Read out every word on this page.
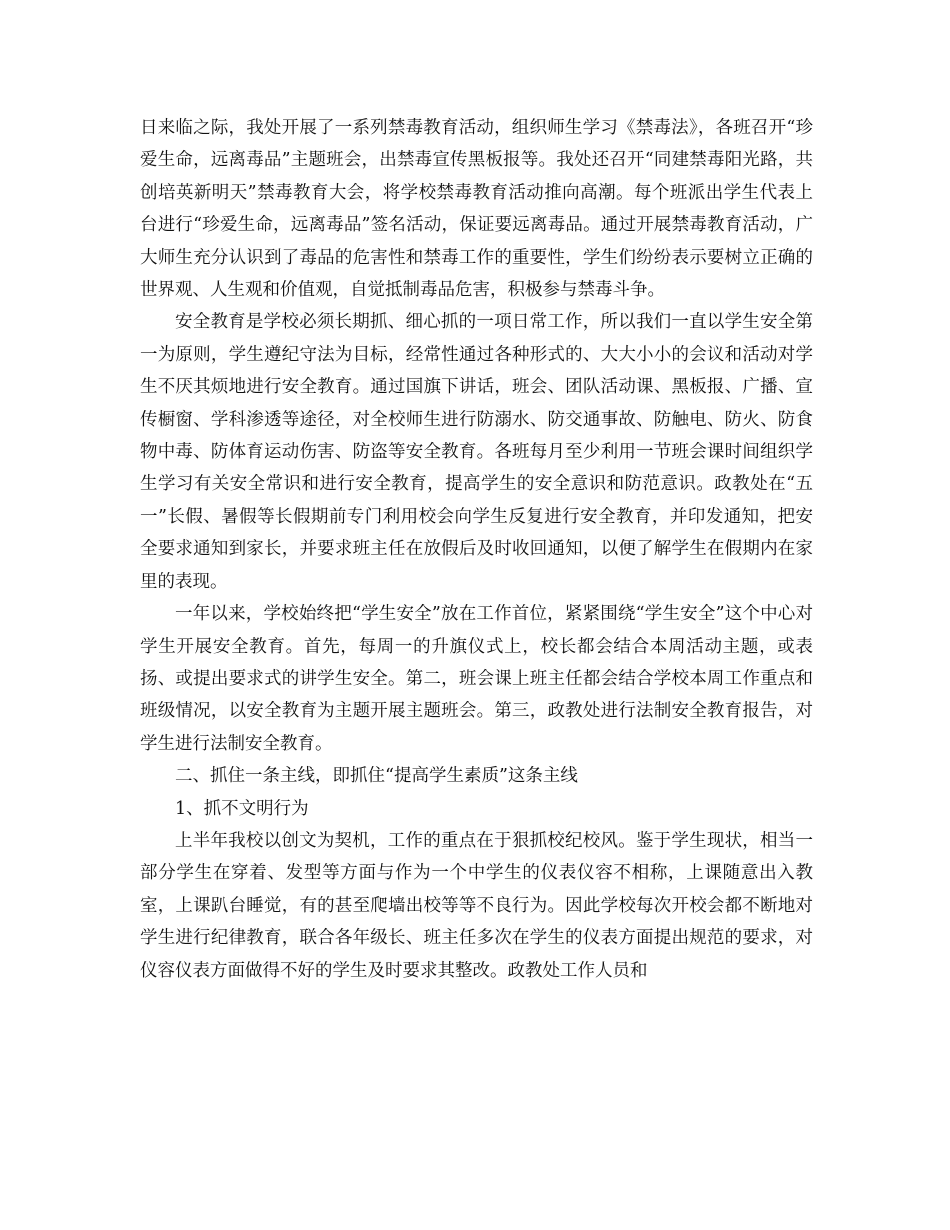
日来临之际，我处开展了一系列禁毒教育活动，组织师生学习《禁毒法》，各班召开“珍爱生命，远离毒品”主题班会，出禁毒宣传黑板报等。我处还召开“同建禁毒阳光路，共创培英新明天”禁毒教育大会，将学校禁毒教育活动推向高潮。每个班派出学生代表上台进行“珍爱生命，远离毒品”签名活动，保证要远离毒品。通过开展禁毒教育活动，广大师生充分认识到了毒品的危害性和禁毒工作的重要性，学生们纷纷表示要树立正确的世界观、人生观和价值观，自觉抵制毒品危害，积极参与禁毒斗争。

安全教育是学校必须长期抓、细心抓的一项日常工作，所以我们一直以学生安全第一为原则，学生遵纪守法为目标，经常性通过各种形式的、大大小小的会议和活动对学生不厌其烦地进行安全教育。通过国旗下讲话，班会、团队活动课、黑板报、广播、宣传橱窗、学科渗透等途径，对全校师生进行防溺水、防交通事故、防触电、防火、防食物中毒、防体育运动伤害、防盗等安全教育。各班每月至少利用一节班会课时间组织学生学习有关安全常识和进行安全教育，提高学生的安全意识和防范意识。政教处在“五一”长假、暑假等长假期前专门利用校会向学生反复进行安全教育，并印发通知，把安全要求通知到家长，并要求班主任在放假后及时收回通知，以便了解学生在假期内在家里的表现。

一年以来，学校始终把“学生安全”放在工作首位，紧紧围绕“学生安全”这个中心对学生开展安全教育。首先，每周一的升旗仪式上，校长都会结合本周活动主题，或表扬、或提出要求式的讲学生安全。第二，班会课上班主任都会结合学校本周工作重点和班级情况，以安全教育为主题开展主题班会。第三，政教处进行法制安全教育报告，对学生进行法制安全教育。

二、抓住一条主线，即抓住“提高学生素质”这条主线

1、抓不文明行为

上半年我校以创文为契机，工作的重点在于狠抓校纪校风。鉴于学生现状，相当一部分学生在穿着、发型等方面与作为一个中学生的仪表仪容不相称，上课随意出入教室，上课趴台睡觉，有的甚至爬墙出校等等不良行为。因此学校每次开校会都不断地对学生进行纪律教育，联合各年级长、班主任多次在学生的仪表方面提出规范的要求，对仪容仪表方面做得不好的学生及时要求其整改。政教处工作人员和
